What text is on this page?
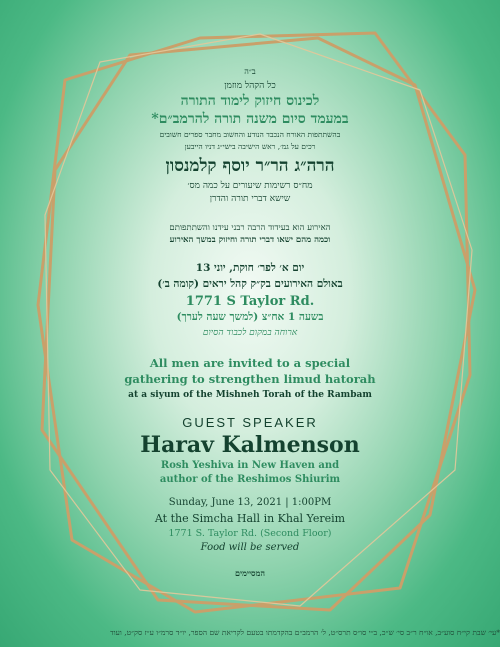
ב״ה
כל הקהל מוזמן
לכינוס חיזוק לימוד התורה
במעמד סיום משנה תורה להרמב״ם*
בהשתתפות האורח הנכבד הנודע והחשוב מחבר ספרים חשובים
רכים על גמ׳, ראש הישיבה בישי״ג דניו הייבען
הרה״ג הר״ר יוסף קלמנסון
מח״ס רשימות שיעורים על כמה מס׳
שישא דברי תורה והדרן
האירוע הוא בעידוד הרבה רבני עידנו והשתתפותם
וכמה מהם ישאו דברי תורה וחיזוק במשך האירוע
יום א׳ לפר׳ חוקת, יוני 13
באולם האירועים בק״ק קהל יראים (קומה ב׳)
1771 S Taylor Rd.
בשעה 1 אח״צ (למשך שעה לערך)
ארוחה במקום לכבוד הסיום
All men are invited to a special
gathering to strengthen limud hatorah
at a siyum of the Mishneh Torah of the Rambam
GUEST SPEAKER
Harav Kalmenson
Rosh Yeshiva in New Haven and
author of the Reshimos Shiurim
Sunday, June 13, 2021 | 1:00PM
At the Simcha Hall in Khal Yereim
1771 S. Taylor Rd. (Second Floor)
Food will be served
המסיימים
*עי׳ שבת קי״ח סוע״ב, או״ח ר״ב סי׳ ש״כ, ב״י סו״ס תרס״ט, ל׳ הרמב״ם בהקדמתו בטעם לקריאת שם הספר, יו״ד סרמ״ו ע״ז סק״ט, ועוד
